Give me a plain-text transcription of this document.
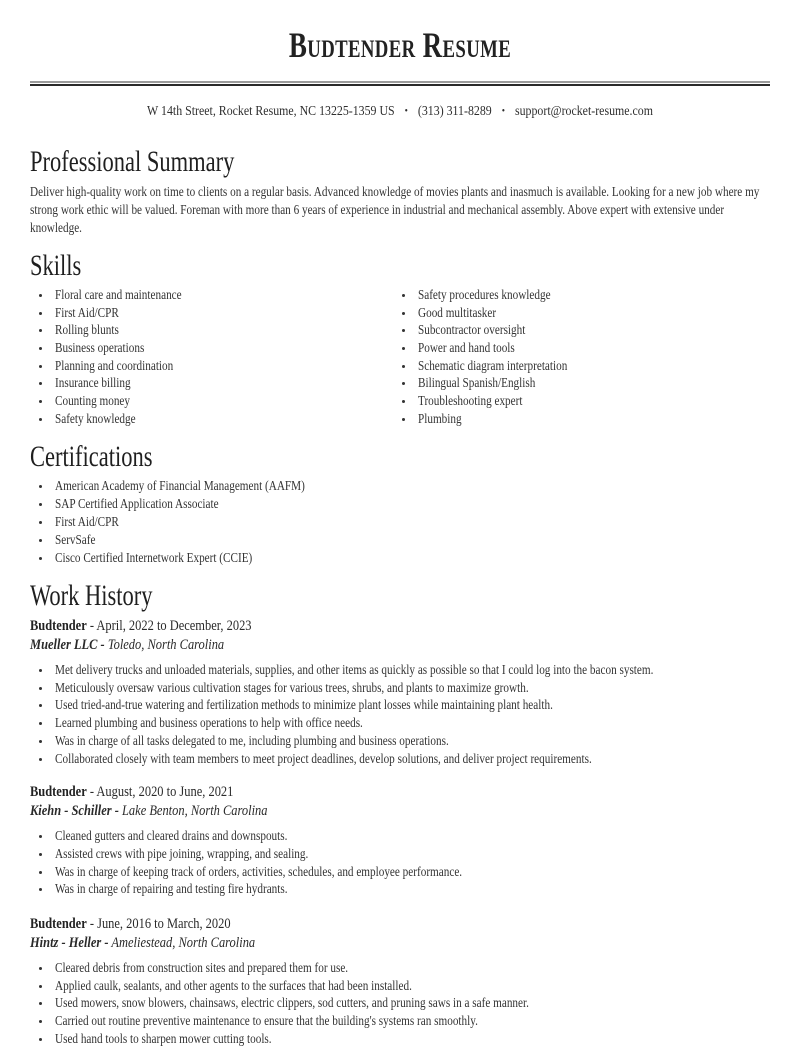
Budtender Resume
W 14th Street, Rocket Resume, NC 13225-1359 US • (313) 311-8289 • support@rocket-resume.com
Professional Summary

Deliver high-quality work on time to clients on a regular basis. Advanced knowledge of movies plants and inasmuch is available. Looking for a new job where my strong work ethic will be valued. Foreman with more than 6 years of experience in industrial and mechanical assembly. Above expert with extensive under knowledge.

Skills
• Floral care and maintenance
• First Aid/CPR
• Rolling blunts
• Business operations
• Planning and coordination
• Insurance billing
• Counting money
• Safety knowledge
• Safety procedures knowledge
• Good multitasker
• Subcontractor oversight
• Power and hand tools
• Schematic diagram interpretation
• Bilingual Spanish/English
• Troubleshooting expert
• Plumbing
Certifications
• American Academy of Financial Management (AAFM)
• SAP Certified Application Associate
• First Aid/CPR
• ServSafe
• Cisco Certified Internetwork Expert (CCIE)
Work History

Budtender - April, 2022 to December, 2023

Mueller LLC - Toledo, North Carolina

• Met delivery trucks and unloaded materials, supplies, and other items as quickly as possible so that I could log into the bacon system.
• Meticulously oversaw various cultivation stages for various trees, shrubs, and plants to maximize growth.
• Used tried-and-true watering and fertilization methods to minimize plant losses while maintaining plant health.
• Learned plumbing and business operations to help with office needs.
• Was in charge of all tasks delegated to me, including plumbing and business operations.
• Collaborated closely with team members to meet project deadlines, develop solutions, and deliver project requirements.

Budtender - August, 2020 to June, 2021

Kiehn - Schiller - Lake Benton, North Carolina

• Cleaned gutters and cleared drains and downspouts.
• Assisted crews with pipe joining, wrapping, and sealing.
• Was in charge of keeping track of orders, activities, schedules, and employee performance.
• Was in charge of repairing and testing fire hydrants.

Budtender - June, 2016 to March, 2020

Hintz - Heller - Ameliestead, North Carolina

• Cleared debris from construction sites and prepared them for use.
• Applied caulk, sealants, and other agents to the surfaces that had been installed.
• Used mowers, snow blowers, chainsaws, electric clippers, sod cutters, and pruning saws in a safe manner.
• Carried out routine preventive maintenance to ensure that the building's systems ran smoothly.
• Used hand tools to sharpen mower cutting tools.
